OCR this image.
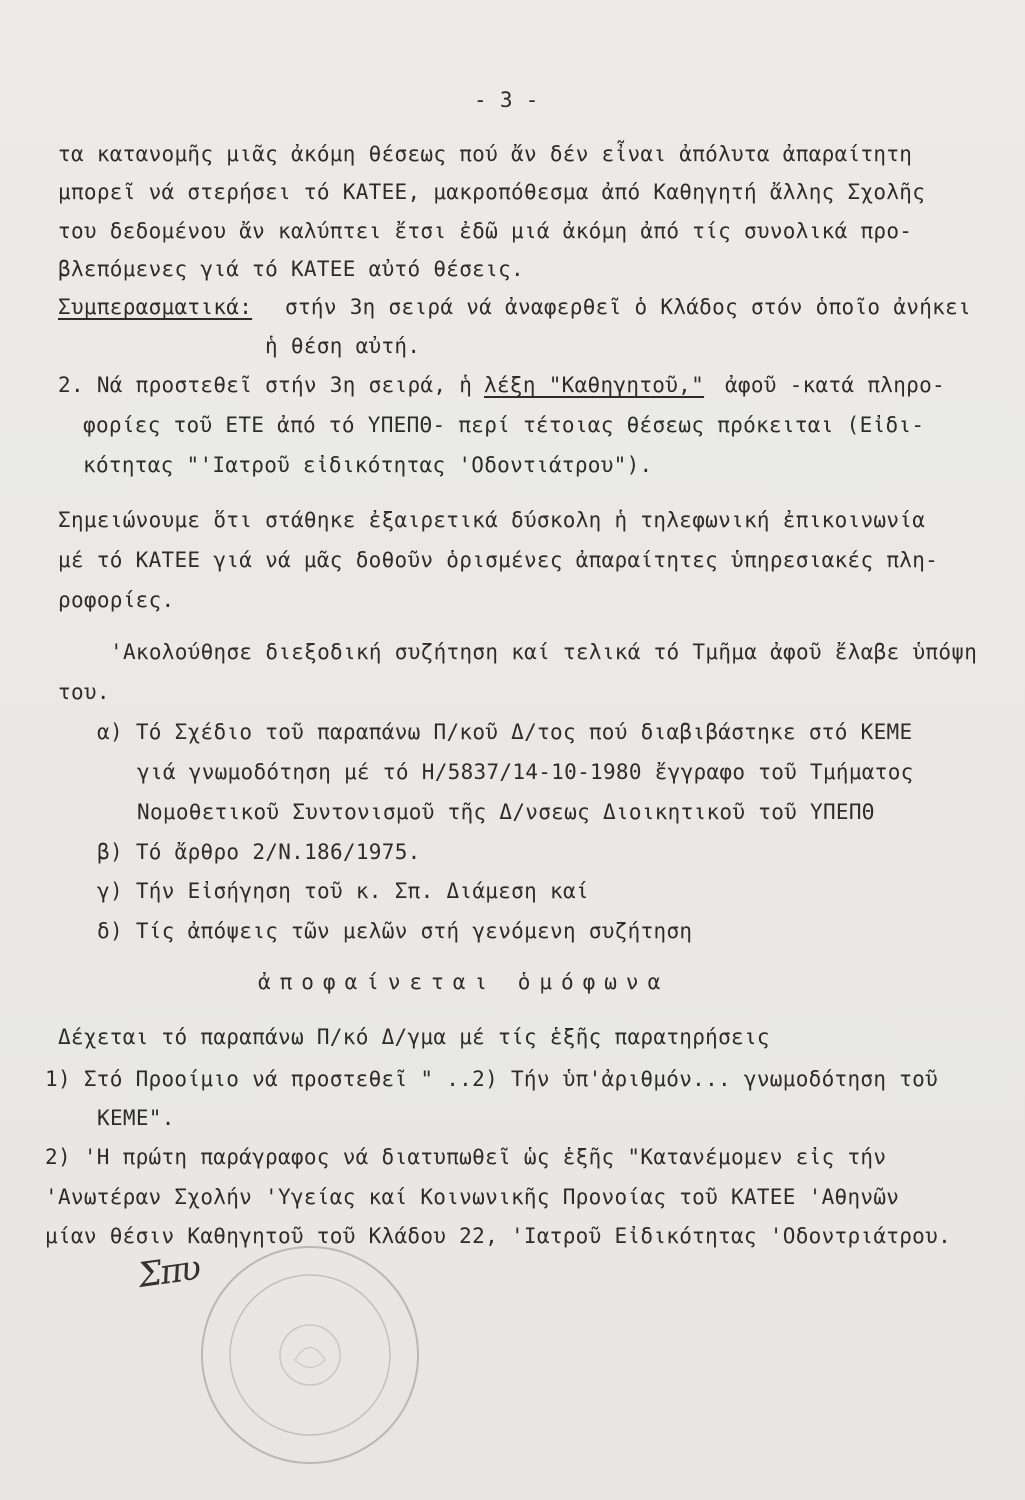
- 3 -
τα κατανομῆς μιᾶς ἀκόμη θέσεως πού ἄν δέν εἶναι ἀπόλυτα ἀπαραίτητη
μπορεῖ νά στερήσει τό ΚΑΤΕΕ, μακροπόθεσμα ἀπό Καθηγητή ἄλλης Σχολῆς
του δεδομένου ἄν καλύπτει ἔτσι ἐδῶ μιά ἀκόμη ἀπό τίς συνολικά προ-
βλεπόμενες γιά τό ΚΑΤΕΕ αὐτό θέσεις.
Συμπερασματικά: στήν 3η σειρά νά ἀναφερθεῖ ὁ Κλάδος στόν ὁποῖο ἀνήκει
ἡ θέση αὐτή.
2. Νά προστεθεῖ στήν 3η σειρά, ἡ
λέξη "Καθηγητοῦ," ἀφοῦ -κατά πληρο-
φορίες τοῦ ΕΤΕ ἀπό τό ΥΠΕΠΘ- περί τέτοιας θέσεως πρόκειται (Εἰδι-
κότητας "'Ιατροῦ εἰδικότητας 'Οδοντιάτρου").
Σημειώνουμε ὅτι στάθηκε ἐξαιρετικά δύσκολη ἡ τηλεφωνική ἐπικοινωνία
μέ τό ΚΑΤΕΕ γιά νά μᾶς δοθοῦν ὁρισμένες ἀπαραίτητες ὑπηρεσιακές πλη-
ροφορίες.
'Ακολούθησε διεξοδική συζήτηση καί τελικά τό Τμῆμα ἀφοῦ ἔλαβε ὑπόψη
του.
α) Τό Σχέδιο τοῦ παραπάνω Π/κοῦ Δ/τος πού διαβιβάστηκε στό ΚΕΜΕ
γιά γνωμοδότηση μέ τό Η/5837/14-10-1980 ἔγγραφο τοῦ Τμήματος
Νομοθετικοῦ Συντονισμοῦ τῆς Δ/νσεως Διοικητικοῦ τοῦ ΥΠΕΠΘ
β) Τό ἄρθρο 2/Ν.186/1975.
γ) Τήν Εἰσήγηση τοῦ κ. Σπ. Διάμεση καί
δ) Τίς ἀπόψεις τῶν μελῶν στή γενόμενη συζήτηση
ἀποφαίνεται ὁμόφωνα
Δέχεται τό παραπάνω Π/κό Δ/γμα μέ τίς ἑξῆς παρατηρήσεις
1) Στό Προοίμιο νά προστεθεῖ " ..2) Τήν ὑπ'ἀριθμόν... γνωμοδότηση τοῦ
ΚΕΜΕ".
2) 'Η πρώτη παράγραφος νά διατυπωθεῖ ὡς ἑξῆς "Κατανέμομεν εἰς τήν
'Ανωτέραν Σχολήν 'Υγείας καί Κοινωνικῆς Προνοίας τοῦ ΚΑΤΕΕ 'Αθηνῶν
μίαν θέσιν Καθηγητοῦ τοῦ Κλάδου 22, 'Ιατροῦ Εἰδικότητας 'Οδοντριάτρου.
Σπυ
